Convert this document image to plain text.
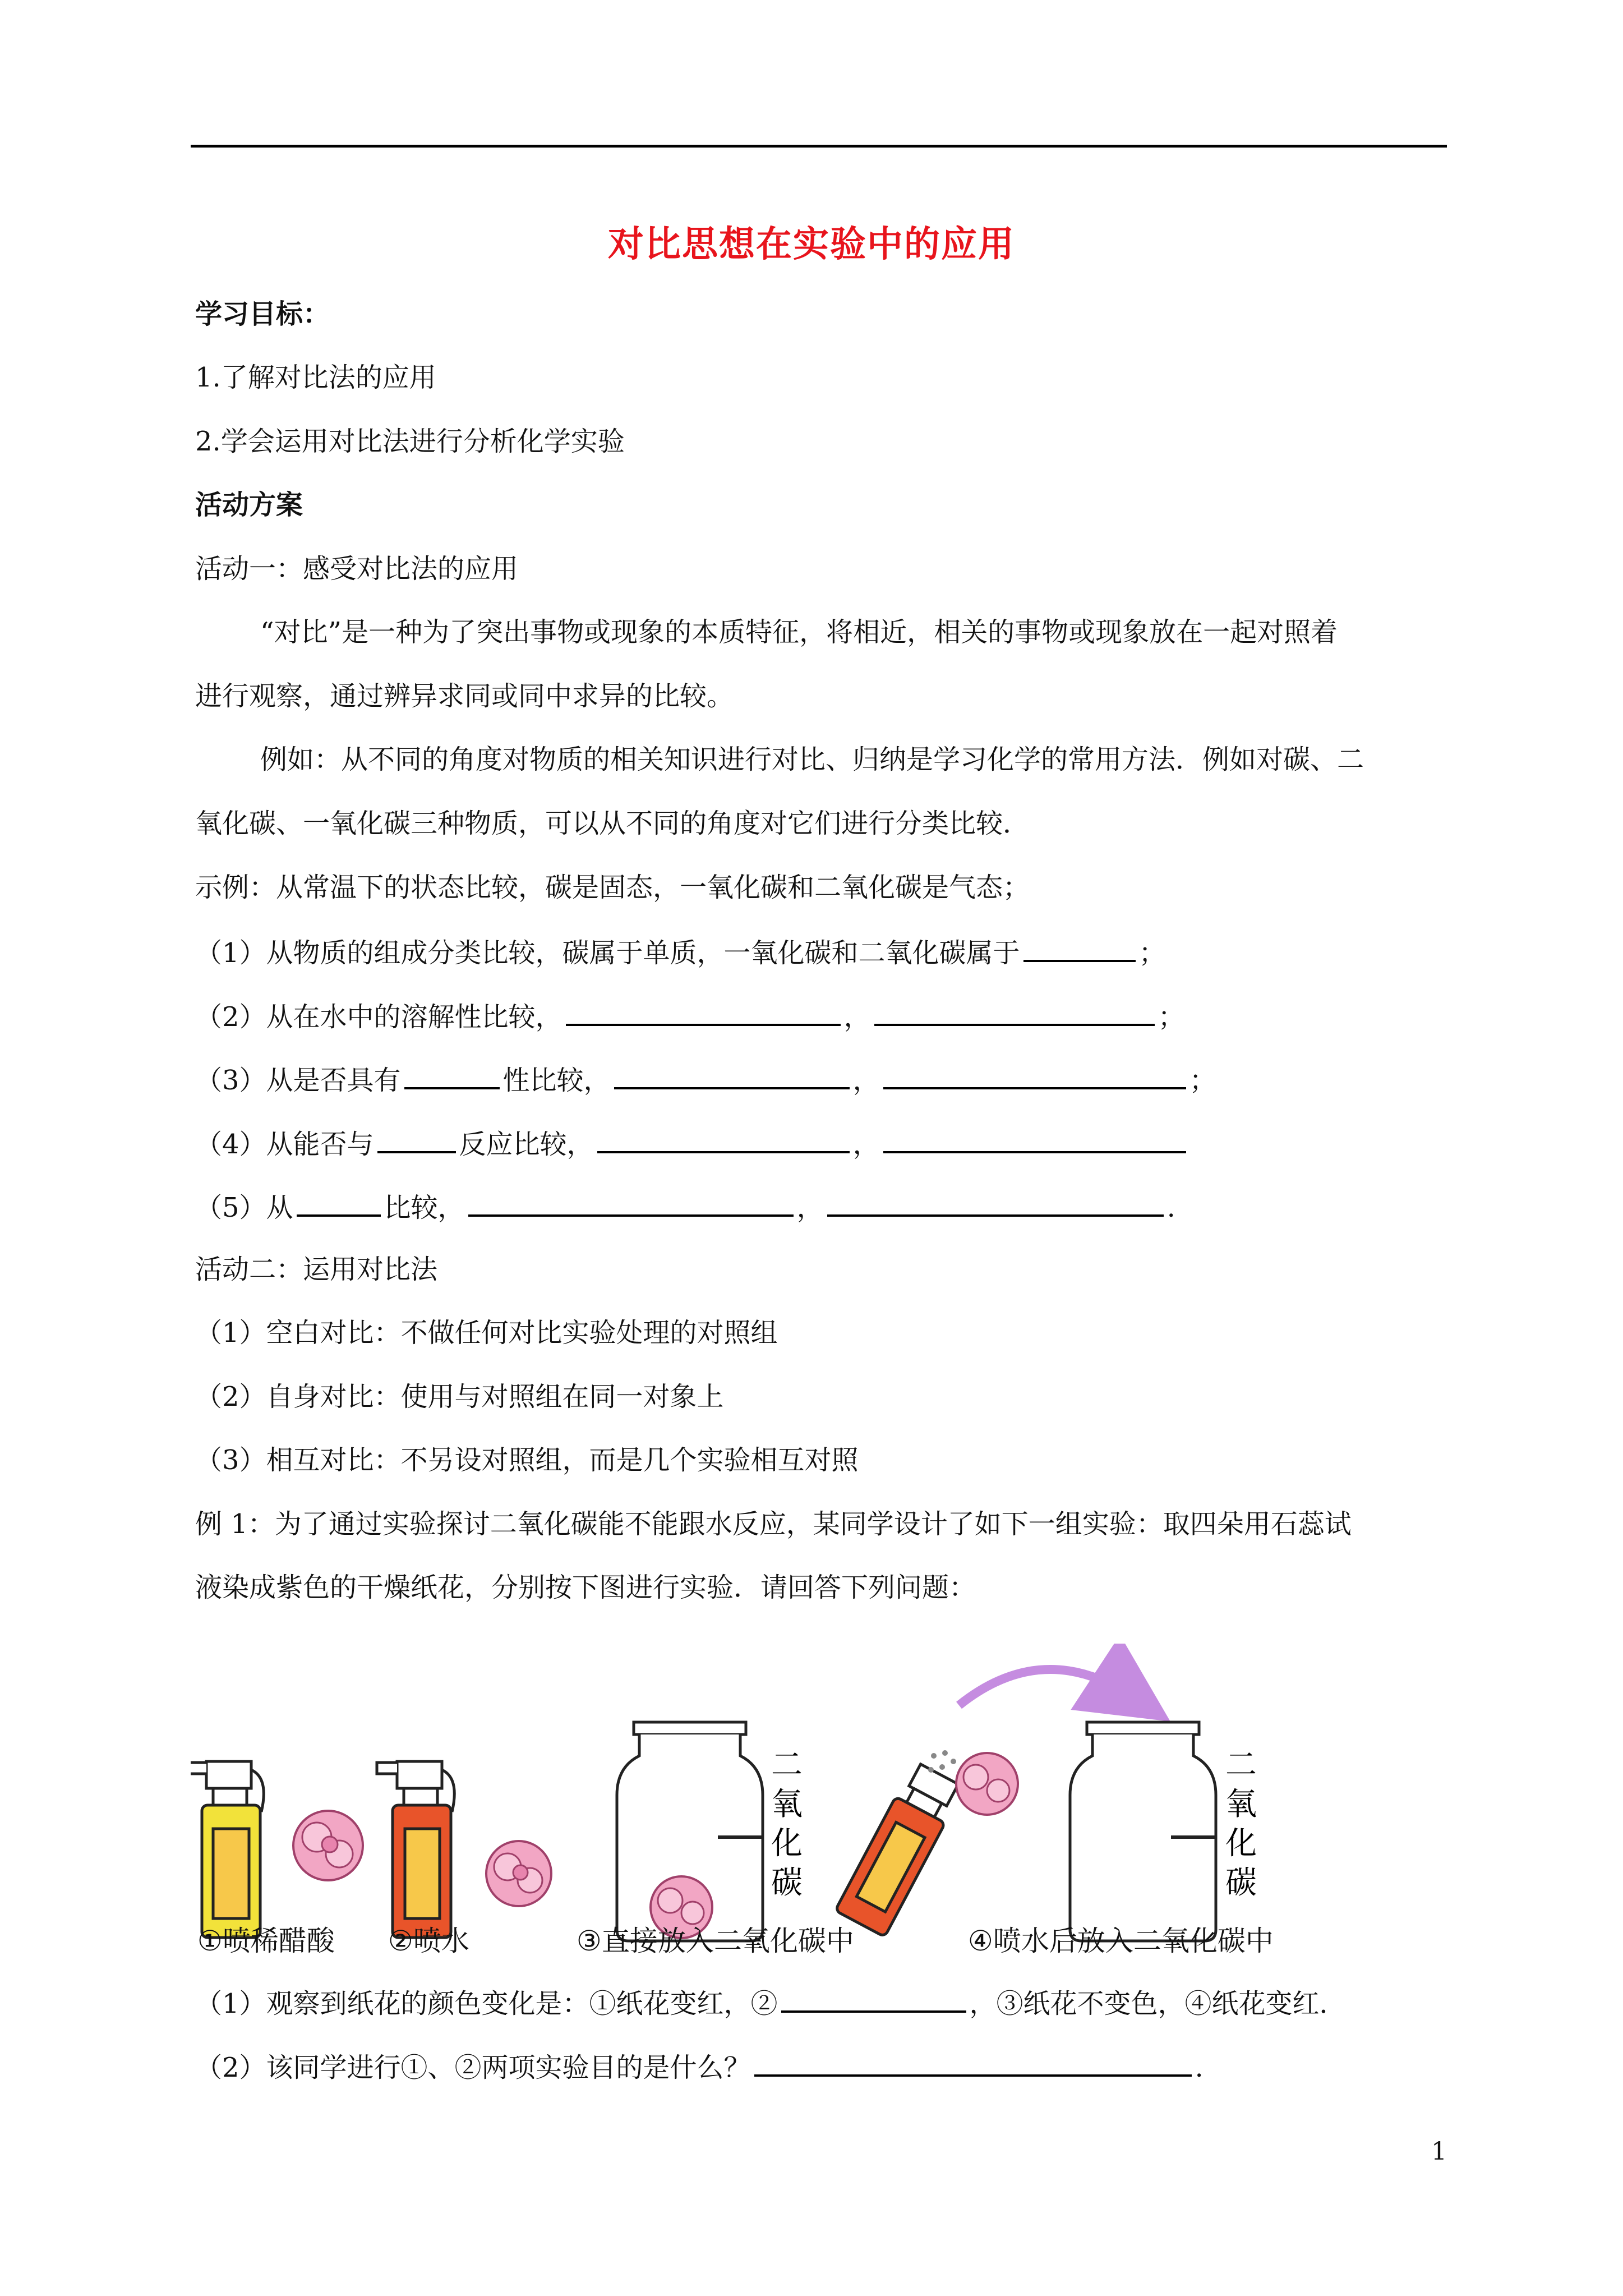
对比思想在实验中的应用
学习目标：
1.了解对比法的应用
2.学会运用对比法进行分析化学实验
活动方案
活动一：感受对比法的应用
“对比”是一种为了突出事物或现象的本质特征，将相近，相关的事物或现象放在一起对照着
进行观察，通过辨异求同或同中求异的比较。
例如：从不同的角度对物质的相关知识进行对比、归纳是学习化学的常用方法．例如对碳、二
氧化碳、一氧化碳三种物质，可以从不同的角度对它们进行分类比较．
示例：从常温下的状态比较，碳是固态，一氧化碳和二氧化碳是气态；
（1）从物质的组成分类比较，碳属于单质，一氧化碳和二氧化碳属于	；
（2）从在水中的溶解性比较，	，	；
（3）从是否具有	性比较，	，	；
（4）从能否与	反应比较，	，
（5）从	比较，	，	.
活动二：运用对比法
（1）空白对比：不做任何对比实验处理的对照组
（2）自身对比：使用与对照组在同一对象上
（3）相互对比：不另设对照组，而是几个实验相互对照
例 1：为了通过实验探讨二氧化碳能不能跟水反应，某同学设计了如下一组实验：取四朵用石蕊试
液染成紫色的干燥纸花，分别按下图进行实验．请回答下列问题：
二
氧
化
碳
二
氧
化
碳
①喷稀醋酸 ②喷水	③直接放入二氧化碳中	④喷水后放入二氧化碳中
（1）观察到纸花的颜色变化是：①纸花变红，②	，③纸花不变色，④纸花变红．
（2）该同学进行①、②两项实验目的是什么？	.
1
